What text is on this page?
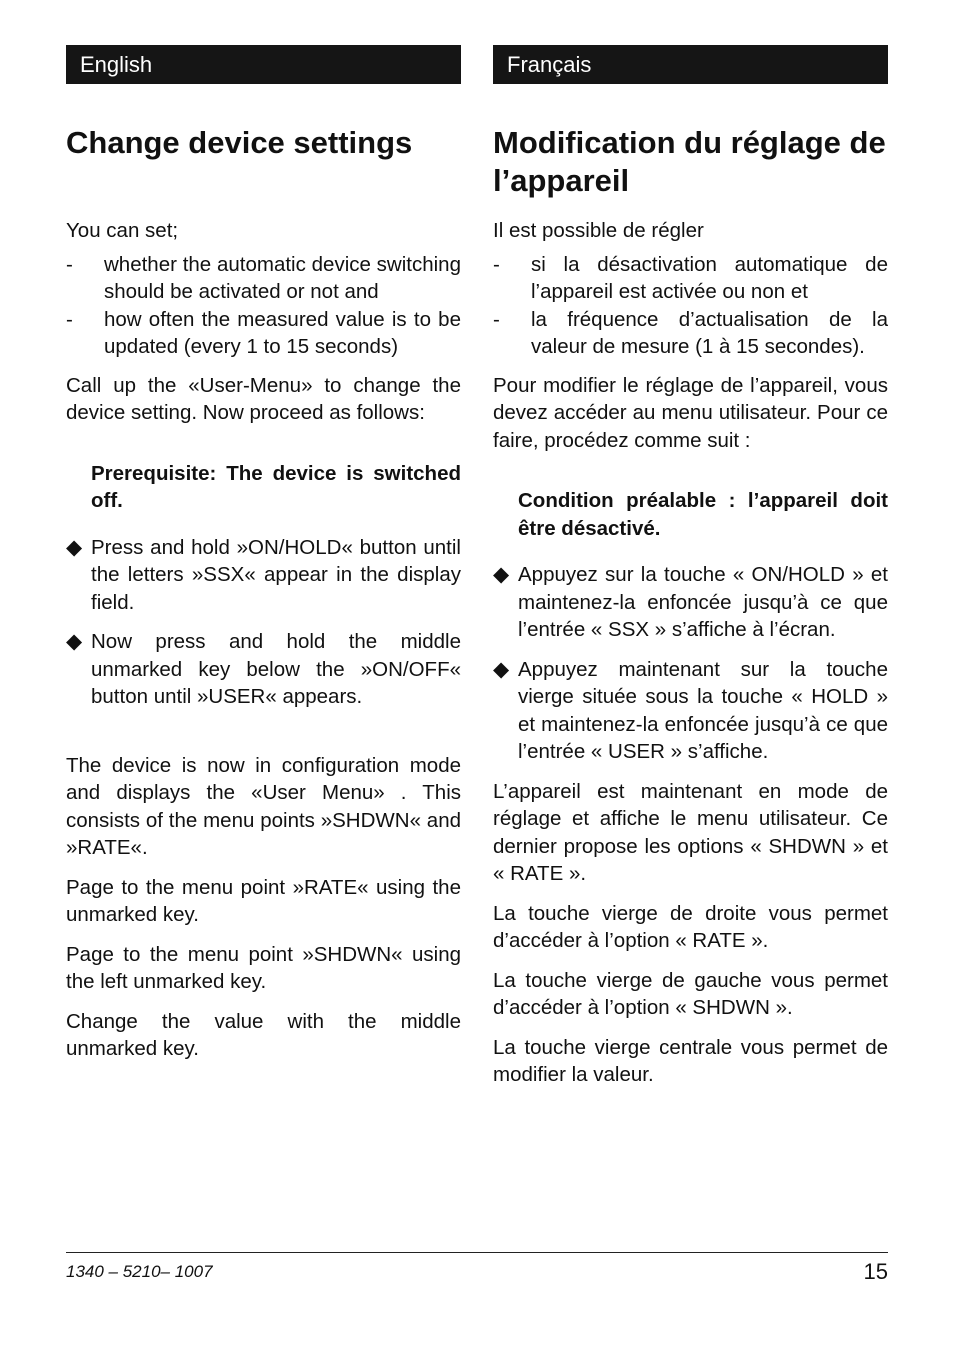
English
Change device settings

You can set;

- whether the automatic device switching should be activated or not and
- how often the measured value is to be updated (every 1 to 15 seconds)

Call up the «User-Menu» to change the device setting. Now proceed as follows:

Prerequisite: The device is switched off.

◆ Press and hold »ON/HOLD« button until the letters »SSX« appear in the display field.
◆ Now press and hold the middle unmarked key below the »ON/OFF« button until »USER« appears.

The device is now in configuration mode and displays the «User Menu» . This consists of the menu points »SHDWN« and »RATE«.

Page to the menu point »RATE« using the unmarked key.

Page to the menu point »SHDWN« using the left unmarked key.

Change the value with the middle unmarked key.

Français
Modification du réglage de l’appareil

Il est possible de régler

- si la désactivation automatique de l’appareil est activée ou non et
- la fréquence d’actualisation de la valeur de mesure (1 à 15 secondes).

Pour modifier le réglage de l’appareil, vous devez accéder au menu utilisateur. Pour ce faire, procédez comme suit :

Condition préalable : l’appareil doit être désactivé.

◆ Appuyez sur la touche « ON/HOLD » et maintenez-la enfoncée jusqu’à ce que l’entrée « SSX » s’affiche à l’écran.
◆ Appuyez maintenant sur la touche vierge située sous la touche « HOLD » et maintenez-la enfoncée jusqu’à ce que l’entrée « USER » s’affiche.

L’appareil est maintenant en mode de réglage et affiche le menu utilisateur. Ce dernier propose les options « SHDWN » et « RATE ».

La touche vierge de droite vous permet d’accéder à l’option « RATE ».

La touche vierge de gauche vous permet d’accéder à l’option « SHDWN ».

La touche vierge centrale vous permet de modifier la valeur.

1340 – 5210– 1007	15
